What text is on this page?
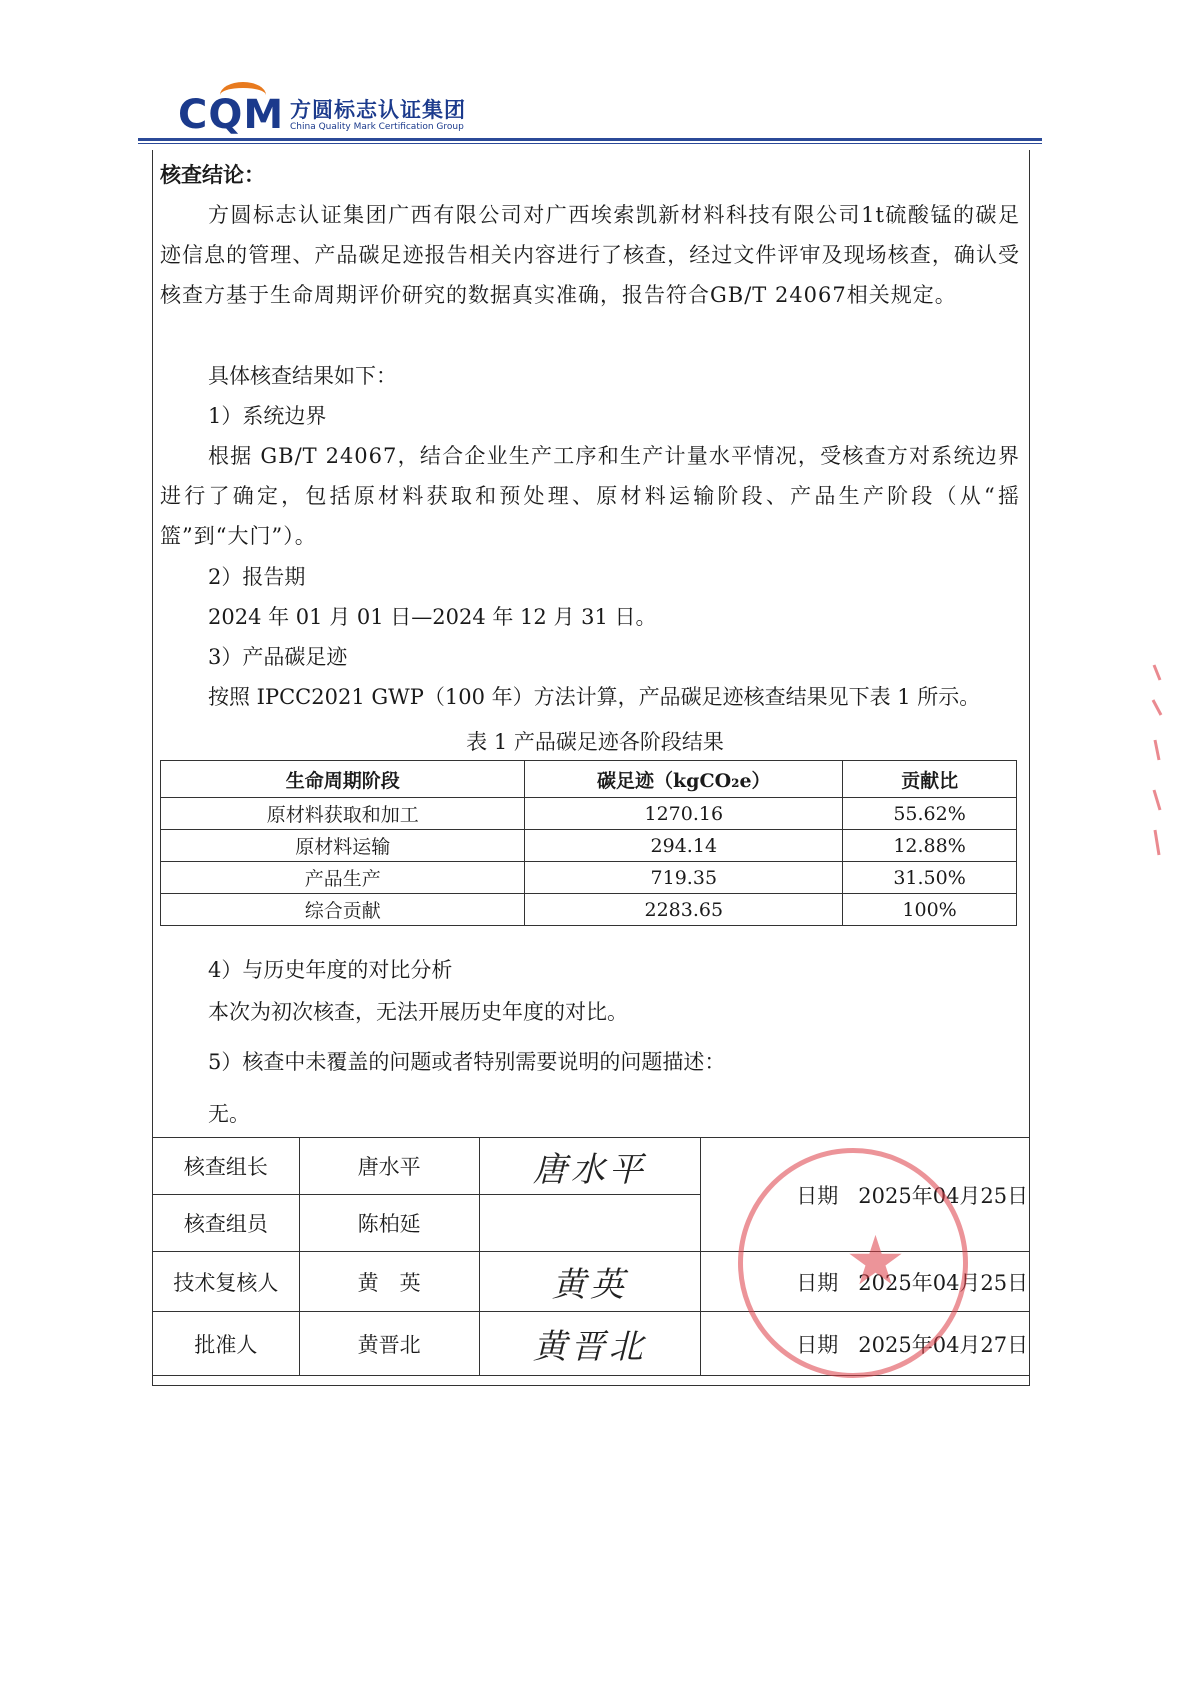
CQM 方圆标志认证集团
China Quality Mark Certification Group
核查结论：
方圆标志认证集团广西有限公司对广西埃索凯新材料科技有限公司1t硫酸锰的碳足迹信息的管理、产品碳足迹报告相关内容进行了核查，经过文件评审及现场核查，确认受核查方基于生命周期评价研究的数据真实准确，报告符合GB/T 24067相关规定。
具体核查结果如下：
1）系统边界
根据 GB/T 24067，结合企业生产工序和生产计量水平情况，受核查方对系统边界进行了确定，包括原材料获取和预处理、原材料运输阶段、产品生产阶段（从“摇篮”到“大门”）。
2）报告期
2024 年 01 月 01 日—2024 年 12 月 31 日。
3）产品碳足迹
按照 IPCC2021 GWP（100 年）方法计算，产品碳足迹核查结果见下表 1 所示。
表 1 产品碳足迹各阶段结果
生命周期阶段	碳足迹（kgCO₂e）	贡献比
原材料获取和加工	1270.16	55.62%
原材料运输	294.14	12.88%
产品生产	719.35	31.50%
综合贡献	2283.65	100%
4）与历史年度的对比分析
本次为初次核查，无法开展历史年度的对比。
5）核查中未覆盖的问题或者特别需要说明的问题描述：
无。
核查组长	唐水平	唐水平	日期 2025年04月25日
核查组员	陈柏延		
技术复核人	黄　英	黄英	日期 2025年04月25日
批准人	黄晋北	黄晋北	日期 2025年04月27日
★
